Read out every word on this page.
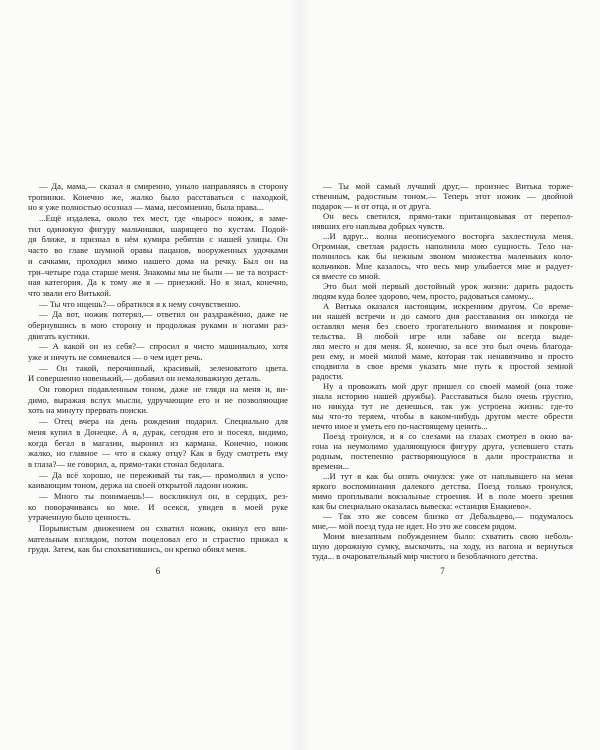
— Да, мама,— сказал я смиренно, уныло направляясь в сторону
тропинки. Конечно же, жалко было расставаться с находкой,
но я уже полностью осознал — мама, несомненно, была права...
...Ещё издалека, около тех мест, где «вырос» ножик, я заме-
тил одинокую фигуру мальчишки, шарящего по кустам. Подой-
дя ближе, я признал в нём кумира ребятни с нашей улицы. Он
часто во главе шумной оравы пацанов, вооруженных удочками
и сачками, проходил мимо нашего дома на речку. Был он на
три–четыре года старше меня. Знакомы мы не были — не та возраст-
ная категория. Да к тому же я — приезжий. Но я знал, конечно,
что звали его Витькой.
— Ты что ищешь?— обратился я к нему сочувственно.
— Да вот, ножик потерял,— ответил он раздражённо, даже не
обернувшись в мою сторону и продолжая руками и ногами раз-
двигать кустики.
— А какой он из себя?— спросил я чисто машинально, хотя
уже и ничуть не сомневался — о чем идет речь.
— Он такой, перочинный, красивый, зеленоватого цвета.
И совершенно новенький,— добавил он немаловажную деталь.
Он говорил подавленным тоном, даже не глядя на меня и, ви-
димо, выражая вслух мысли, удручающие его и не позволяющие
хоть на минуту прервать поиски.
— Отец вчера на день рождения подарил. Специально для
меня купил в Донецке. А я, дурак, сегодня его и посеял, видимо,
когда бегал в магазин, выронил из кармана. Конечно, ножик
жалко, но главное — что я скажу отцу? Как я буду смотреть ему
в глаза?— не говорил, а, прямо-таки стонал бедолага.
— Да всё хорошо, не переживай ты так,— промолвил я успо-
каивающим тоном, держа на своей открытой ладони ножик.
— Много ты понимаешь!— воскликнул он, в сердцах, рез-
ко поворачиваясь ко мне. И осекся, увидев в моей руке
утраченную было ценность.
Порывистым движением он схватил ножик, окинул его вни-
мательным взглядом, потом поцеловал его и страстно прижал к
груди. Затем, как бы спохватившись, он крепко обнял меня.
— Ты мой самый лучший друг,— произнес Витька торже-
ственным, радостным тоном.— Теперь этот ножик — двойной
подарок — и от отца, и от друга.
Он весь светился, прямо-таки пританцовывая от перепол-
нявших его наплыва добрых чувств.
...И вдруг... волна неописуемого восторга захлестнула меня.
Огромная, светлая радость наполнила мою сущность. Тело на-
полнилось как бы нежным звоном множества маленьких коло-
кольчиков. Мне казалось, что весь мир улыбается мне и радует-
ся вместе со мной.
Это был мой первый достойный урок жизни: дарить радость
людям куда более здорово, чем, просто, радоваться самому...
А Витька оказался настоящим, искренним другом. Со време-
ни нашей встречи и до самого дня расставания он никогда не
оставлял меня без своего трогательного внимания и покрови-
тельства. В любой игре или забаве он всегда выде-
лял место и для меня. Я, конечно, за все это был очень благода-
рен ему, и моей милой маме, которая так ненавязчиво и просто
сподвигла в свое время указать мне путь к простой земной
радости.
Ну а провожать мой друг пришел со своей мамой (она тоже
знала историю нашей дружбы). Расставаться было очень грустно,
но никуда тут не денешься, так уж устроена жизнь: где-то
мы что-то теряем, чтобы в каком-нибудь другом месте обрести
нечто иное и уметь его по-настоящему ценить...
Поезд тронулся, и я со слезами на глазах смотрел в окно ва-
гона на неумолимо удаляющуюся фигуру друга, успевшего стать
родным, постепенно растворяющуюся в дали пространства и
времени...
...И тут я как бы опять очнулся: уже от наплывшего на меня
яркого воспоминания далекого детства. Поезд только тронулся,
мимо проплывали вокзальные строения. И в поле моего зрения
как бы специально оказалась вывеска: «станция Енакиево».
— Так это же совсем близко от Дебальцево,— подумалось
мне,— мой поезд туда не идет. Но это же совсем рядом.
Моим внезапным побуждением было: схватить свою неболь-
шую дорожную сумку, выскочить, на ходу, из вагона и вернуться
туда... в очаровательный мир чистого и безоблачного детства.
6	7
